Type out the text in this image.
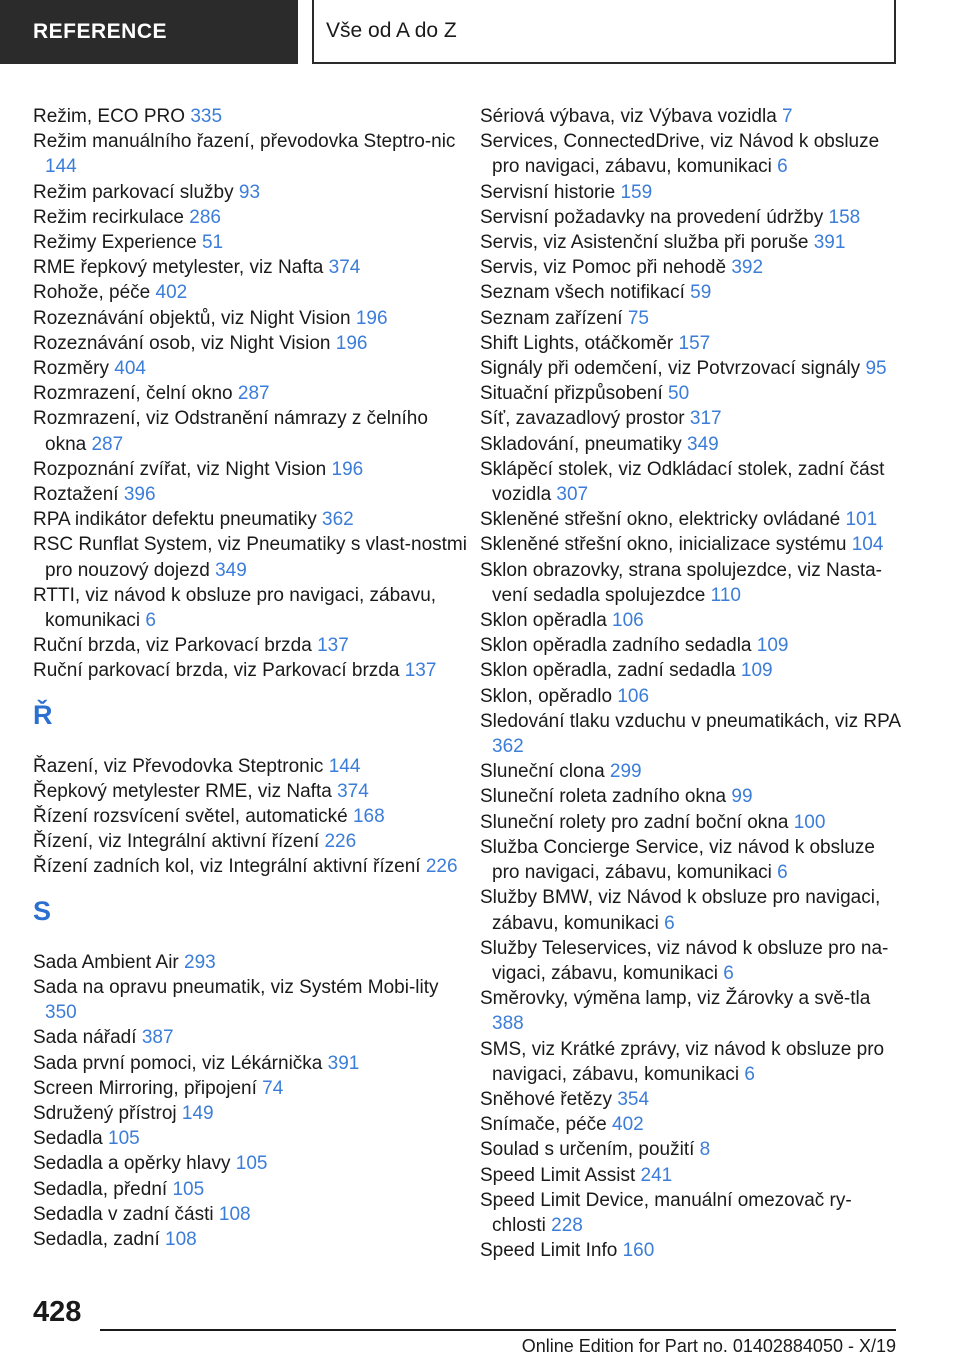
REFERENCE	Vše od A do Z
Režim, ECO PRO 335
Režim manuálního řazení, převodovka Steptro-nic 144
Režim parkovací služby 93
Režim recirkulace 286
Režimy Experience 51
RME řepkový metylester, viz Nafta 374
Rohože, péče 402
Rozeznávání objektů, viz Night Vision 196
Rozeznávání osob, viz Night Vision 196
Rozměry 404
Rozmrazení, čelní okno 287
Rozmrazení, viz Odstranění námrazy z čelního okna 287
Rozpoznání zvířat, viz Night Vision 196
Roztažení 396
RPA indikátor defektu pneumatiky 362
RSC Runflat System, viz Pneumatiky s vlast-nostmi pro nouzový dojezd 349
RTTI, viz návod k obsluze pro navigaci, zábavu, komunikaci 6
Ruční brzda, viz Parkovací brzda 137
Ruční parkovací brzda, viz Parkovací brzda 137
Ř
Řazení, viz Převodovka Steptronic 144
Řepkový metylester RME, viz Nafta 374
Řízení rozsvícení světel, automatické 168
Řízení, viz Integrální aktivní řízení 226
Řízení zadních kol, viz Integrální aktivní řízení 226
S
Sada Ambient Air 293
Sada na opravu pneumatik, viz Systém Mobi-lity 350
Sada nářadí 387
Sada první pomoci, viz Lékárnička 391
Screen Mirroring, připojení 74
Sdružený přístroj 149
Sedadla 105
Sedadla a opěrky hlavy 105
Sedadla, přední 105
Sedadla v zadní části 108
Sedadla, zadní 108
Sériová výbava, viz Výbava vozidla 7
Services, ConnectedDrive, viz Návod k obsluze pro navigaci, zábavu, komunikaci 6
Servisní historie 159
Servisní požadavky na provedení údržby 158
Servis, viz Asistenční služba při poruše 391
Servis, viz Pomoc při nehodě 392
Seznam všech notifikací 59
Seznam zařízení 75
Shift Lights, otáčkoměr 157
Signály při odemčení, viz Potvrzovací signály 95
Situační přizpůsobení 50
Síť, zavazadlový prostor 317
Skladování, pneumatiky 349
Sklápěcí stolek, viz Odkládací stolek, zadní část vozidla 307
Skleněné střešní okno, elektricky ovládané 101
Skleněné střešní okno, inicializace systému 104
Sklon obrazovky, strana spolujezdce, viz Nasta-vení sedadla spolujezdce 110
Sklon opěradla 106
Sklon opěradla zadního sedadla 109
Sklon opěradla, zadní sedadla 109
Sklon, opěradlo 106
Sledování tlaku vzduchu v pneumatikách, viz RPA 362
Sluneční clona 299
Sluneční roleta zadního okna 99
Sluneční rolety pro zadní boční okna 100
Služba Concierge Service, viz návod k obsluze pro navigaci, zábavu, komunikaci 6
Služby BMW, viz Návod k obsluze pro navigaci, zábavu, komunikaci 6
Služby Teleservices, viz návod k obsluze pro na-vigaci, zábavu, komunikaci 6
Směrovky, výměna lamp, viz Žárovky a svě-tla 388
SMS, viz Krátké zprávy, viz návod k obsluze pro navigaci, zábavu, komunikaci 6
Sněhové řetězy 354
Snímače, péče 402
Soulad s určením, použití 8
Speed Limit Assist 241
Speed Limit Device, manuální omezovač ry-chlosti 228
Speed Limit Info 160
428
Online Edition for Part no. 01402884050 - X/19
